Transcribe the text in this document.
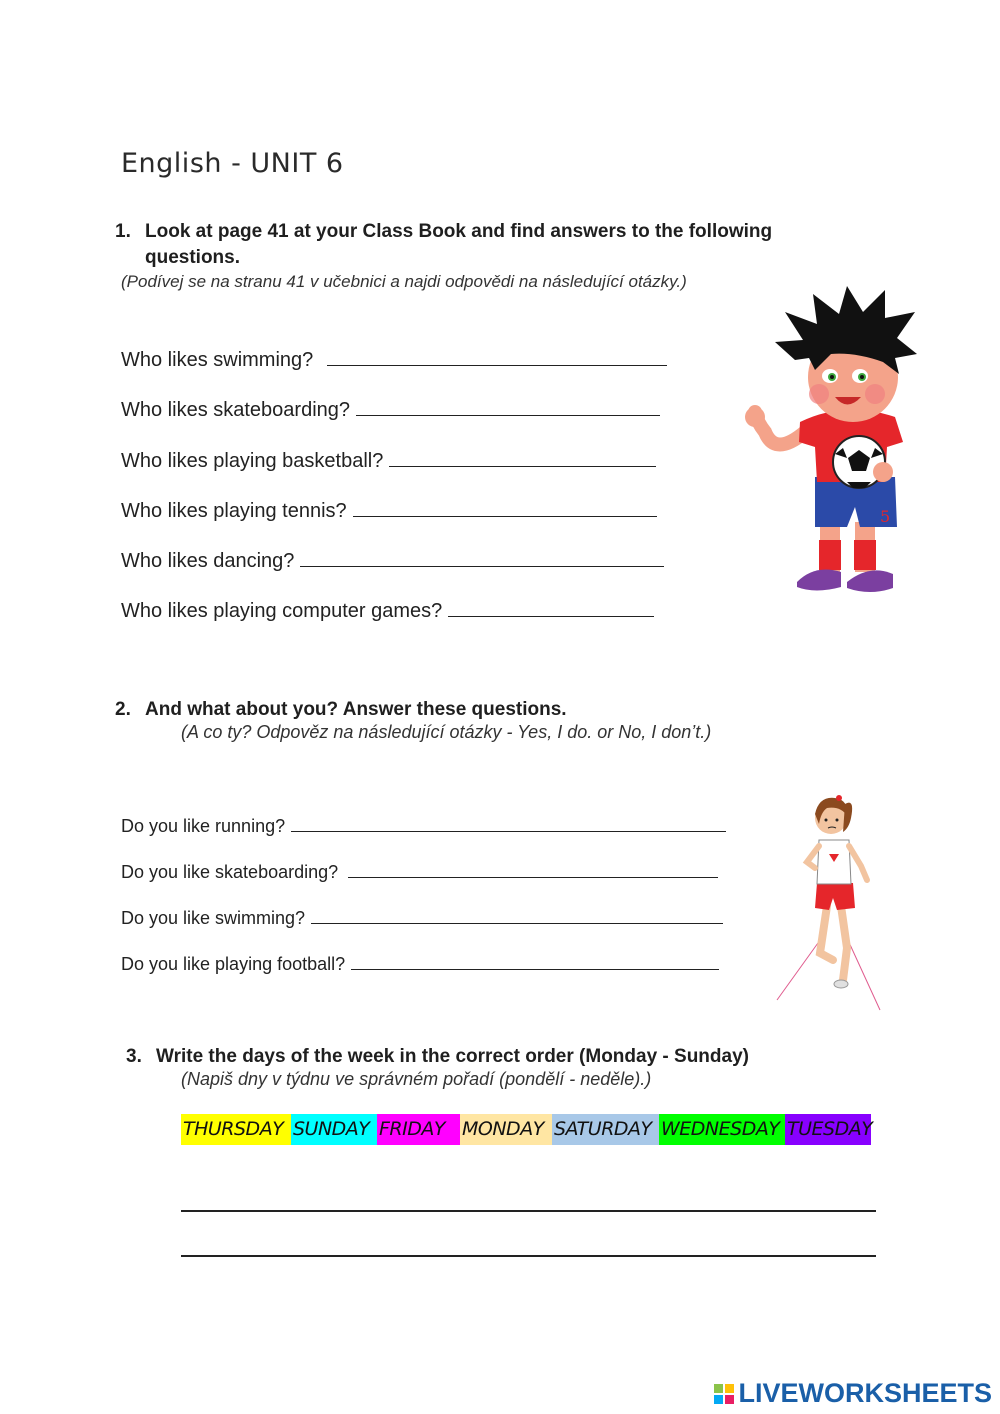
English - UNIT 6
1. Look at page 41 at your Class Book and find answers to the following
questions.
(Podívej se na stranu 41 v učebnici a najdi odpovědi na následující otázky.)
Who likes swimming?
Who likes skateboarding?
Who likes playing basketball?
Who likes playing tennis?
Who likes dancing?
Who likes playing computer games?
5
2. And what about you? Answer these questions.
(A co ty? Odpověz na následující otázky - Yes, I do. or No, I don’t.)
Do you like running?
Do you like skateboarding?
Do you like swimming?
Do you like playing football?
3. Write the days of the week in the correct order (Monday - Sunday)
(Napiš dny v týdnu ve správném pořadí (pondělí - neděle).)
THURSDAY SUNDAY FRIDAY MONDAY SATURDAY WEDNESDAY TUESDAY
LIVEWORKSHEETS
